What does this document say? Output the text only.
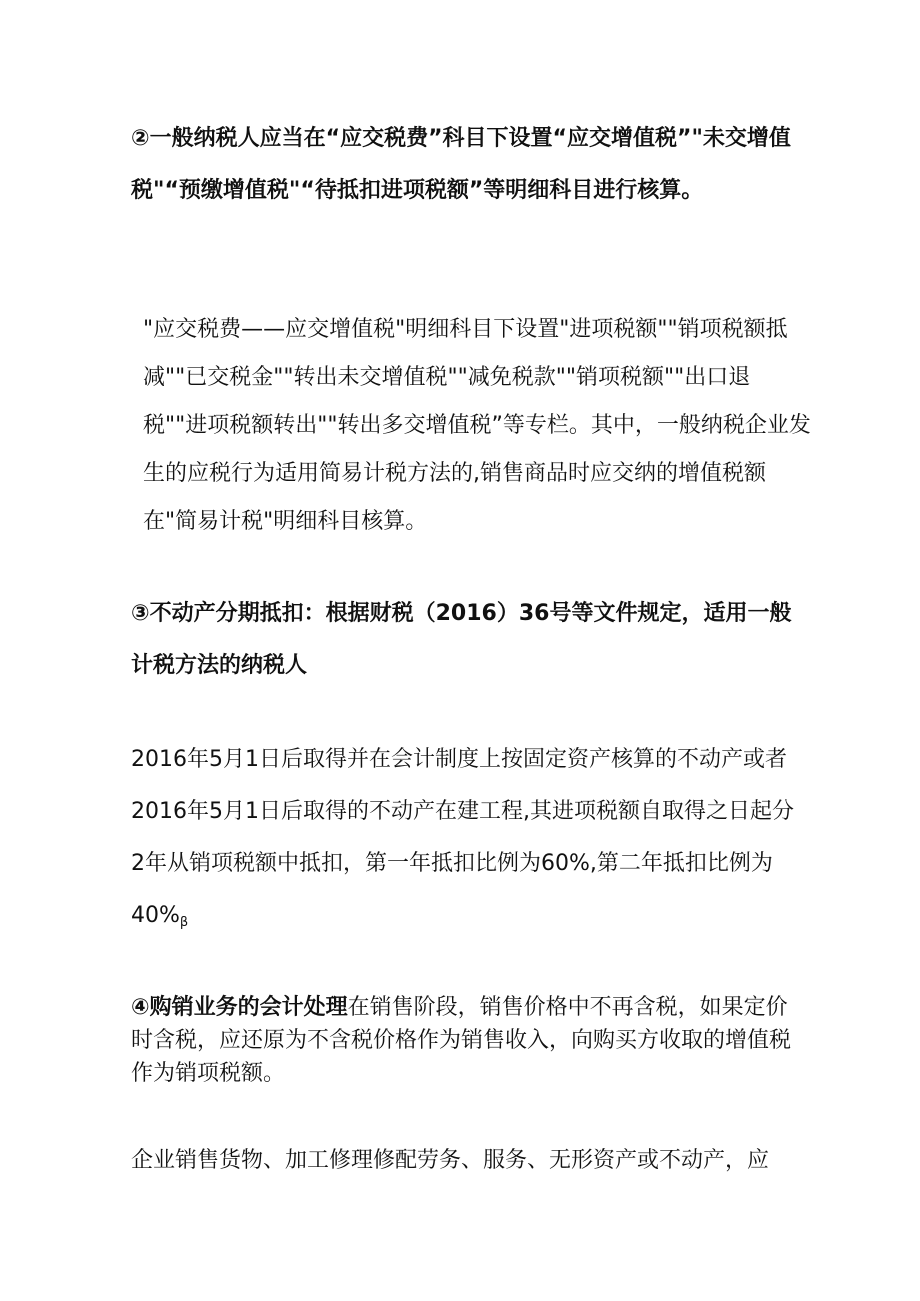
②一般纳税人应当在“应交税费”科目下设置“应交增值税”"未交增值税"“预缴增值税"“待抵扣进项税额”等明细科目进行核算。

"应交税费——应交增值税"明细科目下设置"进项税额""销项税额抵减""已交税金""转出未交增值税""减免税款""销项税额""出口退税""进项税额转出""转出多交增值税”等专栏。其中，一般纳税企业发生的应税行为适用简易计税方法的,销售商品时应交纳的增值税额在"简易计税"明细科目核算。

③不动产分期抵扣：根据财税（2016）36号等文件规定，适用一般计税方法的纳税人

2016年5月1日后取得并在会计制度上按固定资产核算的不动产或者2016年5月1日后取得的不动产在建工程,其进项税额自取得之日起分2年从销项税额中抵扣，第一年抵扣比例为60%,第二年抵扣比例为$40\%_\beta$

④购销业务的会计处理在销售阶段，销售价格中不再含税，如果定价时含税，应还原为不含税价格作为销售收入，向购买方收取的增值税作为销项税额。

企业销售货物、加工修理修配劳务、服务、无形资产或不动产，应
